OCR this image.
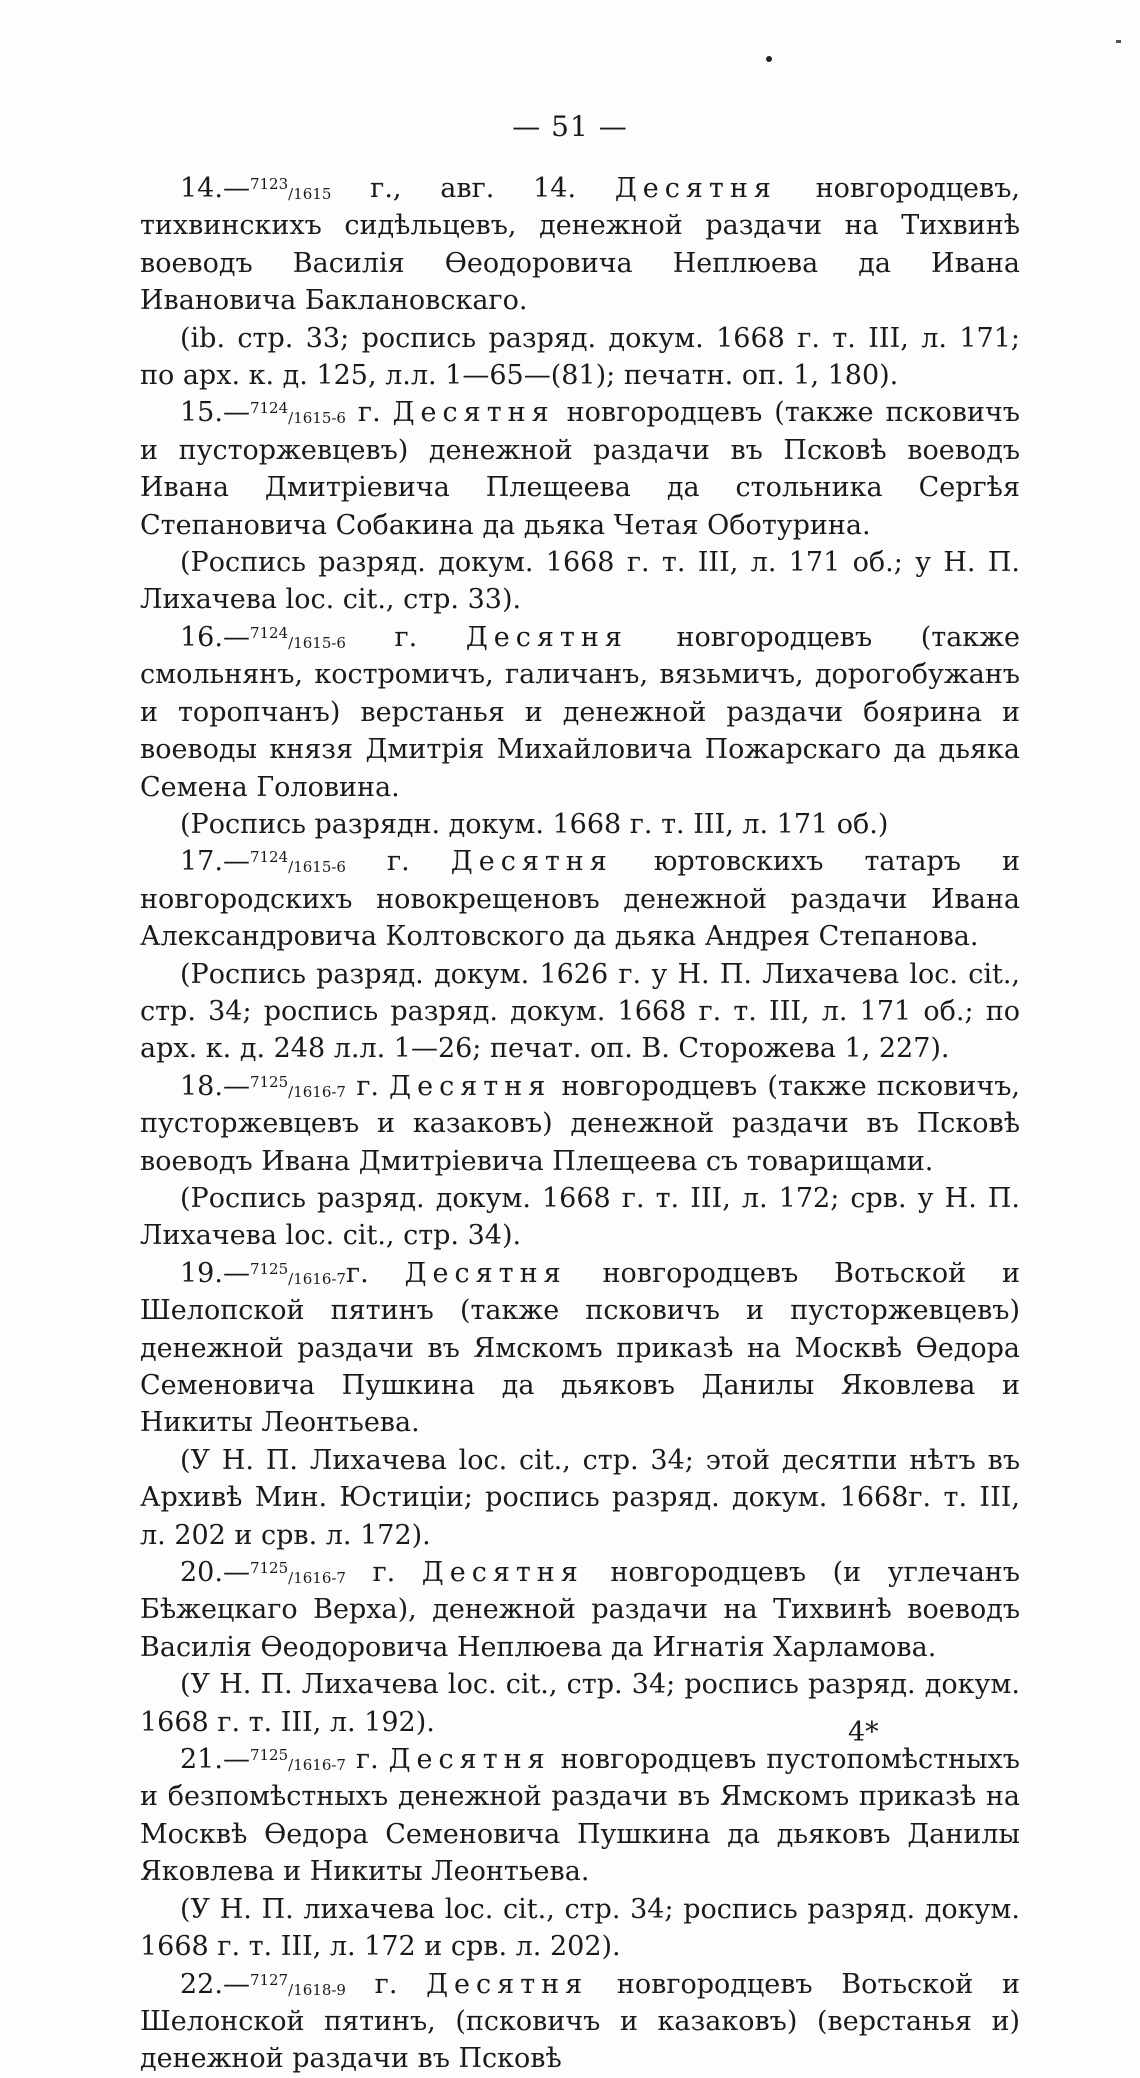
— 51 —

14.—$^{7123}$/1615 г., авг. 14. Десятня новгородцевъ, тихвинскихъ сидѣльцевъ, денежной раздачи на Тихвинѣ воеводъ Василія Ѳеодоровича Неплюева да Ивана Ивановича Баклановскаго.

(ib. стр. 33; роспись разряд. докум. 1668 г. т. III, л. 171; по арх. к. д. 125, л.л. 1—65—(81); печатн. оп. 1, 180).

15.—$^{7124}$/1615-6 г. Десятня новгородцевъ (также псковичъ и пусторжевцевъ) денежной раздачи въ Псковѣ воеводъ Ивана Дмитріевича Плещеева да стольника Сергѣя Степановича Собакина да дьяка Четая Оботурина.

(Роспись разряд. докум. 1668 г. т. III, л. 171 об.; у Н. П. Лихачева loc. cit., стр. 33).

16.—$^{7124}$/1615-6 г. Десятня новгородцевъ (также смольнянъ, костромичъ, галичанъ, вязьмичъ, дорогобужанъ и торопчанъ) верстанья и денежной раздачи боярина и воеводы князя Дмитрія Михайловича Пожарскаго да дьяка Семена Головина.

(Роспись разрядн. докум. 1668 г. т. III, л. 171 об.)

17.—$^{7124}$/1615-6 г. Десятня юртовскихъ татаръ и новгородскихъ новокрещеновъ денежной раздачи Ивана Александровича Колтовского да дьяка Андрея Степанова.

(Роспись разряд. докум. 1626 г. у Н. П. Лихачева loc. cit., стр. 34; роспись разряд. докум. 1668 г. т. III, л. 171 об.; по арх. к. д. 248 л.л. 1—26; печат. оп. В. Сторожева 1, 227).

18.—$^{7125}$/1616-7 г. Десятня новгородцевъ (также псковичъ, пусторжевцевъ и казаковъ) денежной раздачи въ Псковѣ воеводъ Ивана Дмитріевича Плещеева съ товарищами.

(Роспись разряд. докум. 1668 г. т. III, л. 172; срв. у Н. П. Лихачева loc. cit., стр. 34).

19.—$^{7125}$/1616-7г. Десятня новгородцевъ Вотьской и Шелопской пятинъ (также псковичъ и пусторжевцевъ) денежной раздачи въ Ямскомъ приказѣ на Москвѣ Ѳедора Семеновича Пушкина да дьяковъ Данилы Яковлева и Никиты Леонтьева.

(У Н. П. Лихачева loc. cit., стр. 34; этой десятпи нѣтъ въ Архивѣ Мин. Юстиціи; роспись разряд. докум. 1668г. т. III, л. 202 и срв. л. 172).

20.—$^{7125}$/1616-7 г. Десятня новгородцевъ (и углечанъ Бѣжецкаго Верха), денежной раздачи на Тихвинѣ воеводъ Василія Ѳеодоровича Неплюева да Игнатія Харламова.

(У Н. П. Лихачева loc. cit., стр. 34; роспись разряд. докум. 1668 г. т. III, л. 192).

21.—$^{7125}$/1616-7 г. Десятня новгородцевъ пустопомѣстныхъ и безпомѣстныхъ денежной раздачи въ Ямскомъ приказѣ на Москвѣ Ѳедора Семеновича Пушкина да дьяковъ Данилы Яковлева и Никиты Леонтьева.

(У Н. П. лихачева loc. cit., стр. 34; роспись разряд. докум. 1668 г. т. III, л. 172 и срв. л. 202).

22.—$^{7127}$/1618-9 г. Десятня новгородцевъ Вотьской и Шелонской пятинъ, (псковичъ и казаковъ) (верстанья и) денежной раздачи въ Псковѣ

4*
